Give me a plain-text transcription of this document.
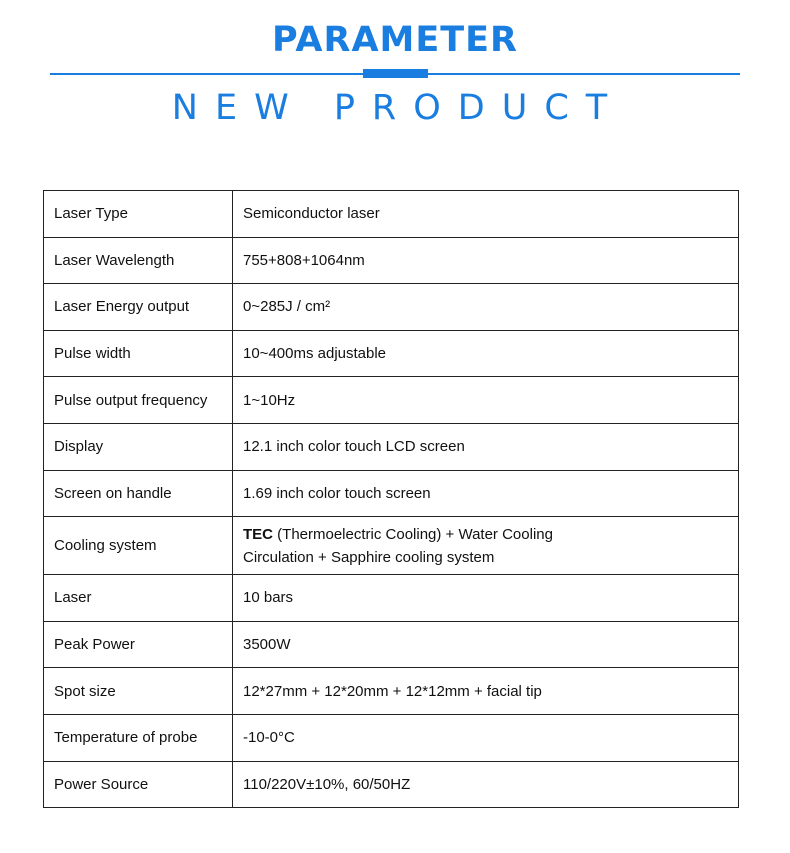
PARAMETER
NEW PRODUCT
Laser Type	Semiconductor laser
Laser Wavelength	755+808+1064nm
Laser Energy output	0~285J / cm²
Pulse width	10~400ms adjustable
Pulse output frequency	1~10Hz
Display	12.1 inch color touch LCD screen
Screen on handle	1.69 inch color touch screen
Cooling system	TEC (Thermoelectric Cooling) + Water Cooling
Circulation + Sapphire cooling system
Laser	10 bars
Peak Power	3500W
Spot size	12*27mm + 12*20mm + 12*12mm + facial tip
Temperature of probe	-10-0°C
Power Source	110/220V±10%, 60/50HZ
